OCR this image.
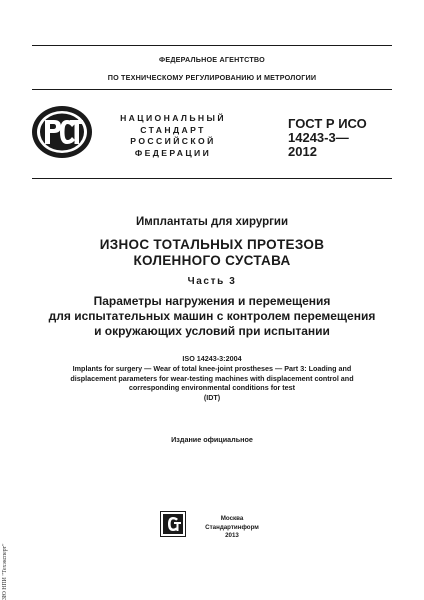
ФЕДЕРАЛЬНОЕ АГЕНТСТВО
ПО ТЕХНИЧЕСКОМУ РЕГУЛИРОВАНИЮ И МЕТРОЛОГИИ
НАЦИОНАЛЬНЫЙ
СТАНДАРТ
РОССИЙСКОЙ
ФЕДЕРАЦИИ
ГОСТ Р ИСО
14243-3—
2012
Имплантаты для хирургии
ИЗНОС ТОТАЛЬНЫХ ПРОТЕЗОВ
КОЛЕННОГО СУСТАВА
Часть 3
Параметры нагружения и перемещения
для испытательных машин с контролем перемещения
и окружающих условий при испытании
ISO 14243-3:2004
Implants for surgery — Wear of total knee-joint prostheses — Part 3: Loading and
displacement parameters for wear-testing machines with displacement control and
corresponding environmental conditions for test
(IDT)
Издание официальное
Москва
Стандартинформ
2013
ЗЮ НПИ "Техэксперт"
